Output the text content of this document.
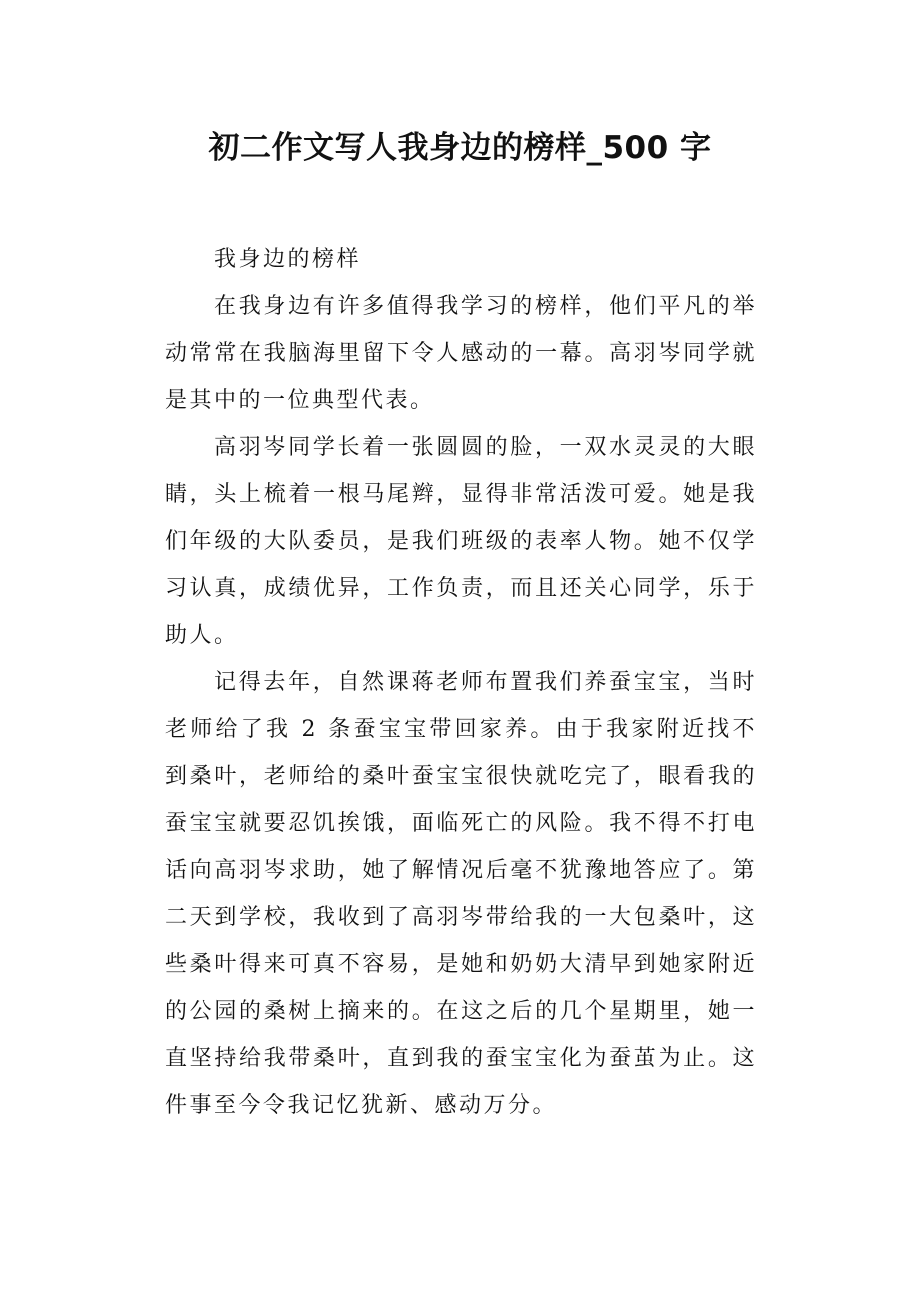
初二作文写人我身边的榜样_500 字

我身边的榜样

在我身边有许多值得我学习的榜样，他们平凡的举动常常在我脑海里留下令人感动的一幕。高羽岑同学就是其中的一位典型代表。

高羽岑同学长着一张圆圆的脸，一双水灵灵的大眼睛，头上梳着一根马尾辫，显得非常活泼可爱。她是我们年级的大队委员，是我们班级的表率人物。她不仅学习认真，成绩优异，工作负责，而且还关心同学，乐于助人。

记得去年，自然课蒋老师布置我们养蚕宝宝，当时老师给了我 2 条蚕宝宝带回家养。由于我家附近找不到桑叶，老师给的桑叶蚕宝宝很快就吃完了，眼看我的蚕宝宝就要忍饥挨饿，面临死亡的风险。我不得不打电话向高羽岑求助，她了解情况后毫不犹豫地答应了。第二天到学校，我收到了高羽岑带给我的一大包桑叶，这些桑叶得来可真不容易，是她和奶奶大清早到她家附近的公园的桑树上摘来的。在这之后的几个星期里，她一直坚持给我带桑叶，直到我的蚕宝宝化为蚕茧为止。这件事至今令我记忆犹新、感动万分。
